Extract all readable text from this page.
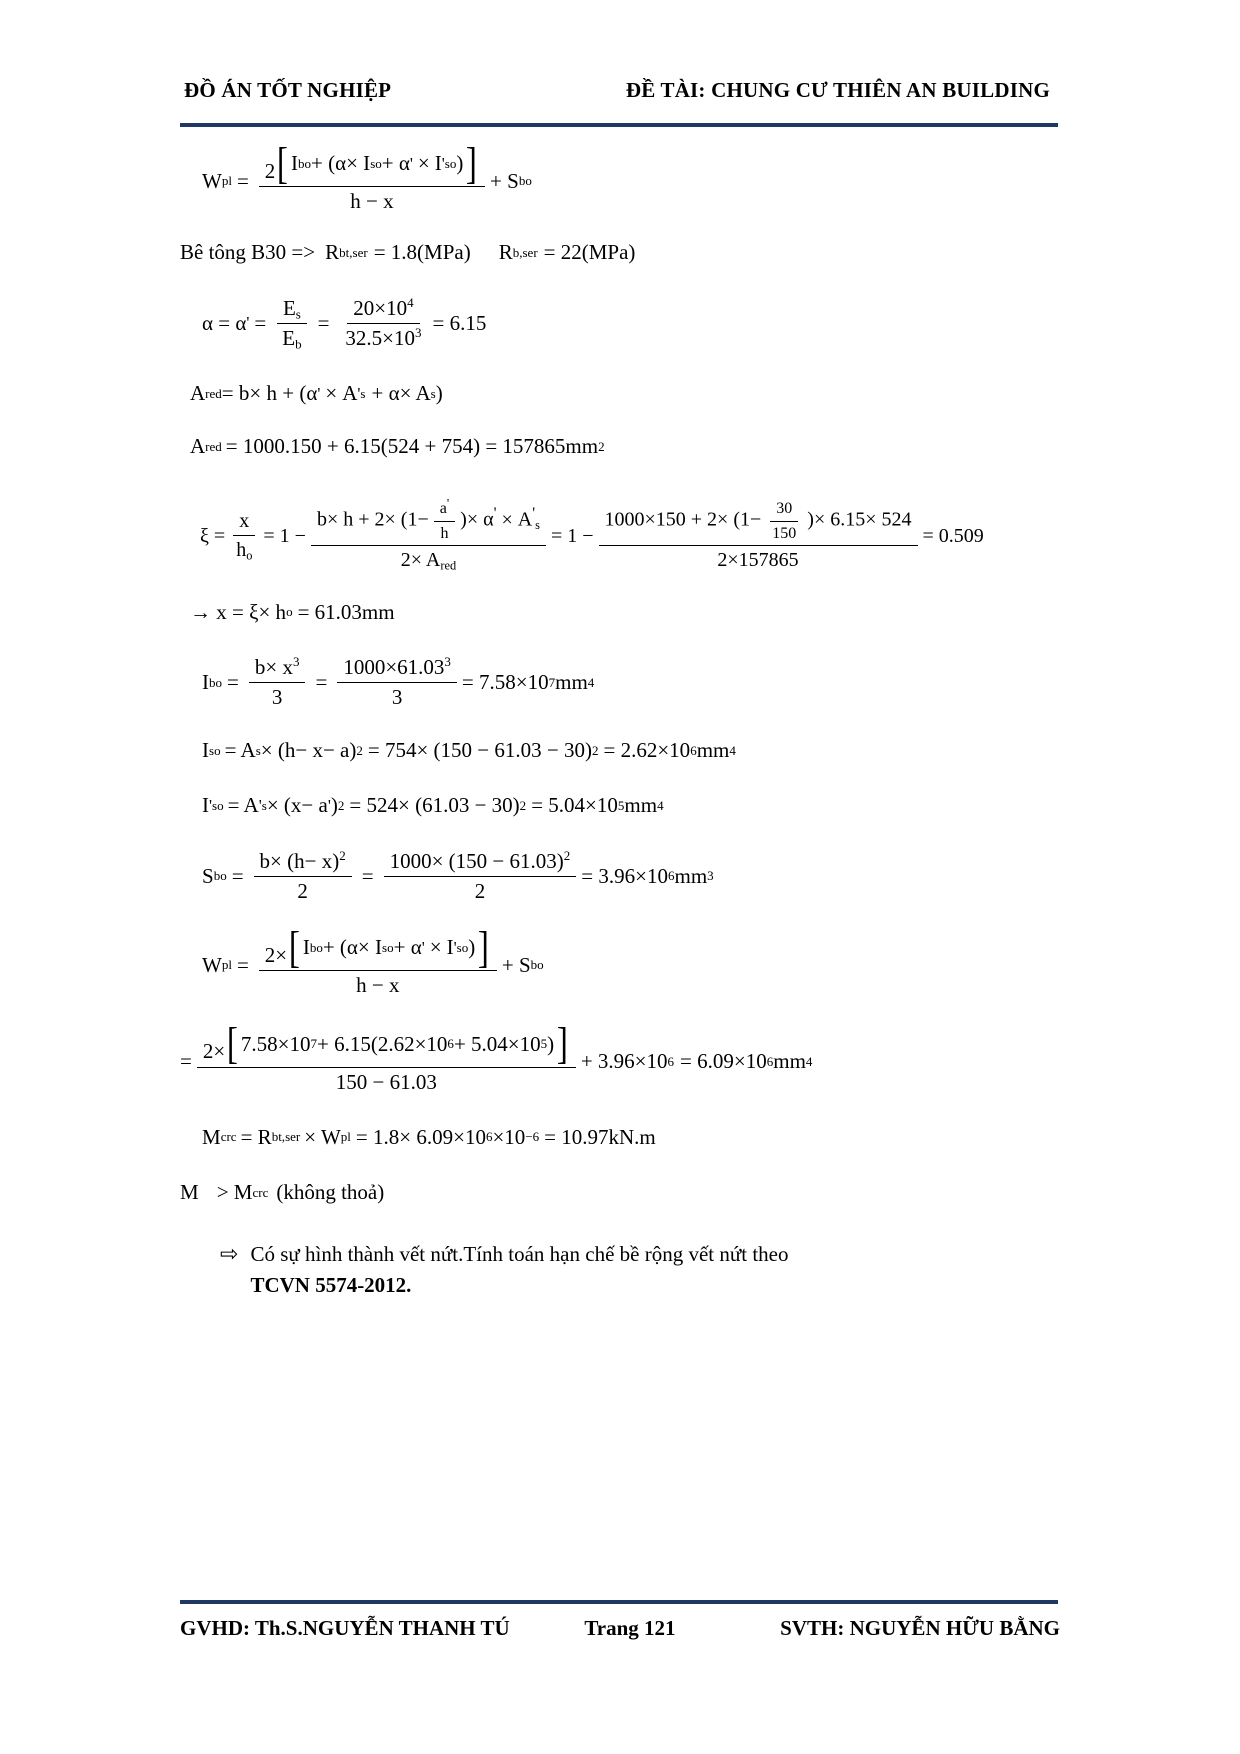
ĐỒ ÁN TỐT NGHIỆP	ĐỀ TÀI: CHUNG CƯ THIÊN AN BUILDING
W pl = 2 [ I bo + (α× I so + α ' × I ' so )
]
h − x + S bo
Bê tông B30 => R bt,ser = 1.8(MPa) R b,ser = 22(MPa)
α = α ' = $\frac{E_s}{E_b} = \frac{20\times 10^4}{32.5\times 10^3} = 6.15$
A red = b× h + (α ' × A ' s + α× A s )
A red = 1000.150 + 6.15(524 + 754) = 157865mm 2
$\xi = \frac{x}{h_o} = 1 - \frac{b\times h + 2\times (1- \frac{a'}{h} )\times \alpha' \times A'_s}{2\times A_{red}} = 1 - \frac{1000\times 150 + 2\times (1- \frac{30}{150} )\times 6.15\times 524}{2\times 157865} = 0.509$
→ x = ξ× h o = 61.03mm
I bo = $\frac{b\times x^3}{3} = \frac{1000\times 61.03^3}{3} = 7.58\times 10$ 7 mm 4
I so = A s × (h− x− a) 2 = 754× (150 − 61.03 − 30) 2 = 2.62×10 6 mm 4
I ' so = A ' s × (x− a ' ) 2 = 524× (61.03 − 30) 2 = 5.04×10 5 mm 4
S bo = $\frac{b\times (h- x)^2}{2} = \frac{1000\times (150 - 61.03)^2}{2} = 3.96\times 10$ 6 mm 3
W pl = 2× [ I bo + (α× I so + α ' × I ' so )
]
h − x + S bo
= 2× [ 7.58×10 7 + 6.15(2.62×10 6 + 5.04×10 5 )
]
150 − 61.03 + 3.96×10 6 = 6.09×10 6 mm 4
M crc = R bt,ser × W pl = 1.8× 6.09×10 6 ×10 −6 = 10.97kN.m
M > M crc (không thoả)
⇨ Có sự hình thành vết nứt.Tính toán hạn chế bề rộng vết nứt theo
TCVN 5574-2012.
GVHD: Th.S.NGUYỄN THANH TÚ	Trang 121	SVTH: NGUYỄN HỮU BẰNG
